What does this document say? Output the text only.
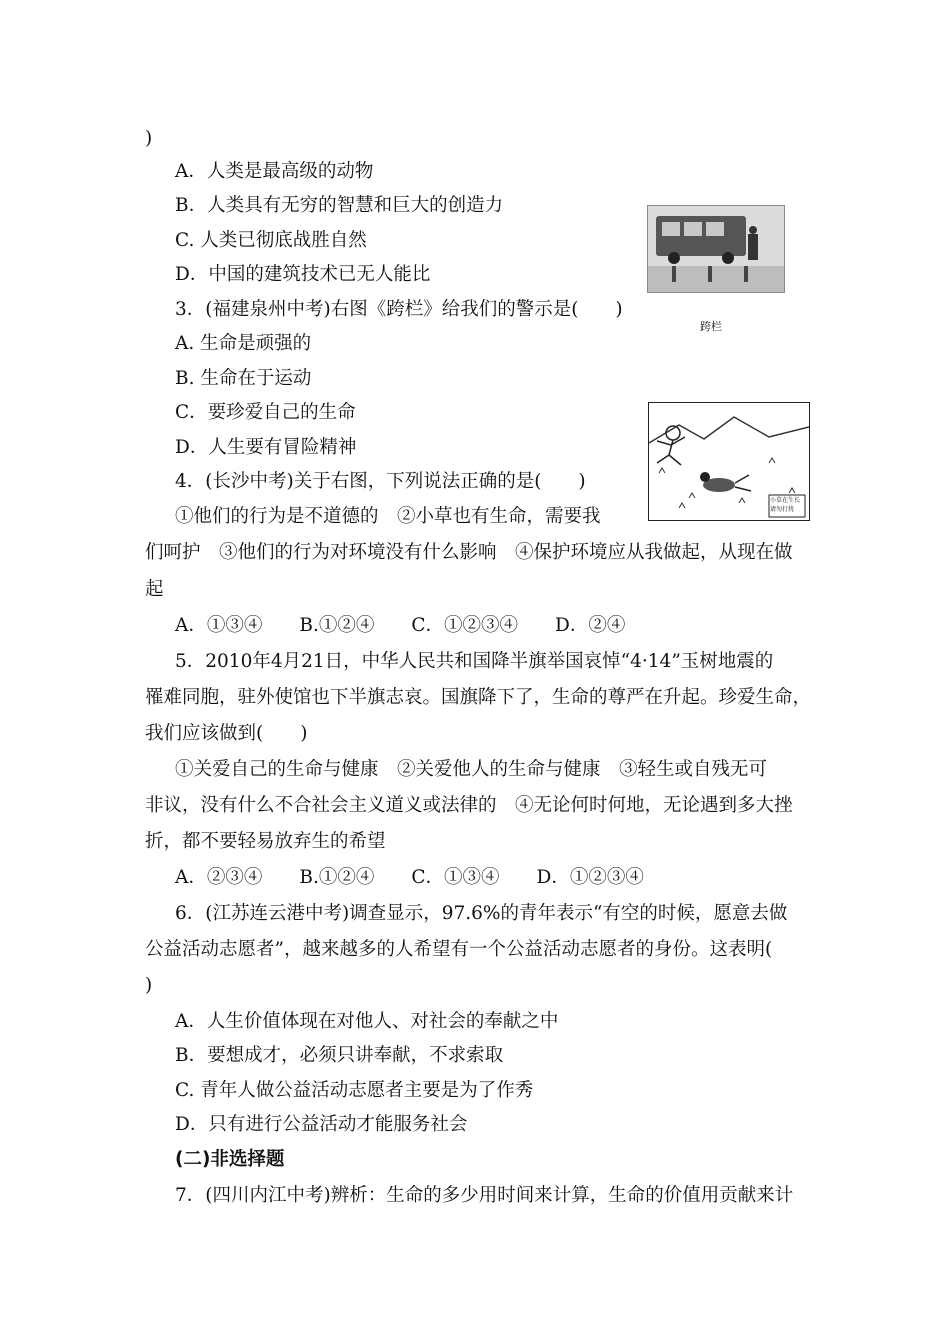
)
A．人类是最高级的动物
B．人类具有无穷的智慧和巨大的创造力
C. 人类已彻底战胜自然
D．中国的建筑技术已无人能比
3．(福建泉州中考)右图《跨栏》给我们的警示是(　　)
A. 生命是顽强的
B. 生命在于运动
C．要珍爱自己的生命
D．人生要有冒险精神
4．(长沙中考)关于右图，下列说法正确的是(　　)
①他们的行为是不道德的　②小草也有生命，需要我
们呵护　③他们的行为对环境没有什么影响　④保护环境应从我做起，从现在做
起
A．①③④　　B.①②④　　C．①②③④　　D．②④
5．2010年4月21日，中华人民共和国降半旗举国哀悼“4·14”玉树地震的
罹难同胞，驻外使馆也下半旗志哀。国旗降下了，生命的尊严在升起。珍爱生命，
我们应该做到(　　)
①关爱自己的生命与健康　②关爱他人的生命与健康　③轻生或自残无可
非议，没有什么不合社会主义道义或法律的　④无论何时何地，无论遇到多大挫
折，都不要轻易放弃生的希望
A．②③④　　B.①②④　　C．①③④　　D．①②③④
6．(江苏连云港中考)调查显示，97.6%的青年表示“有空的时候，愿意去做
公益活动志愿者”，越来越多的人希望有一个公益活动志愿者的身份。这表明(
)
A．人生价值体现在对他人、对社会的奉献之中
B．要想成才，必须只讲奉献，不求索取
C. 青年人做公益活动志愿者主要是为了作秀
D．只有进行公益活动才能服务社会
(二)非选择题
7．(四川内江中考)辨析：生命的多少用时间来计算，生命的价值用贡献来计
跨栏
小草在生长 请勿打扰
